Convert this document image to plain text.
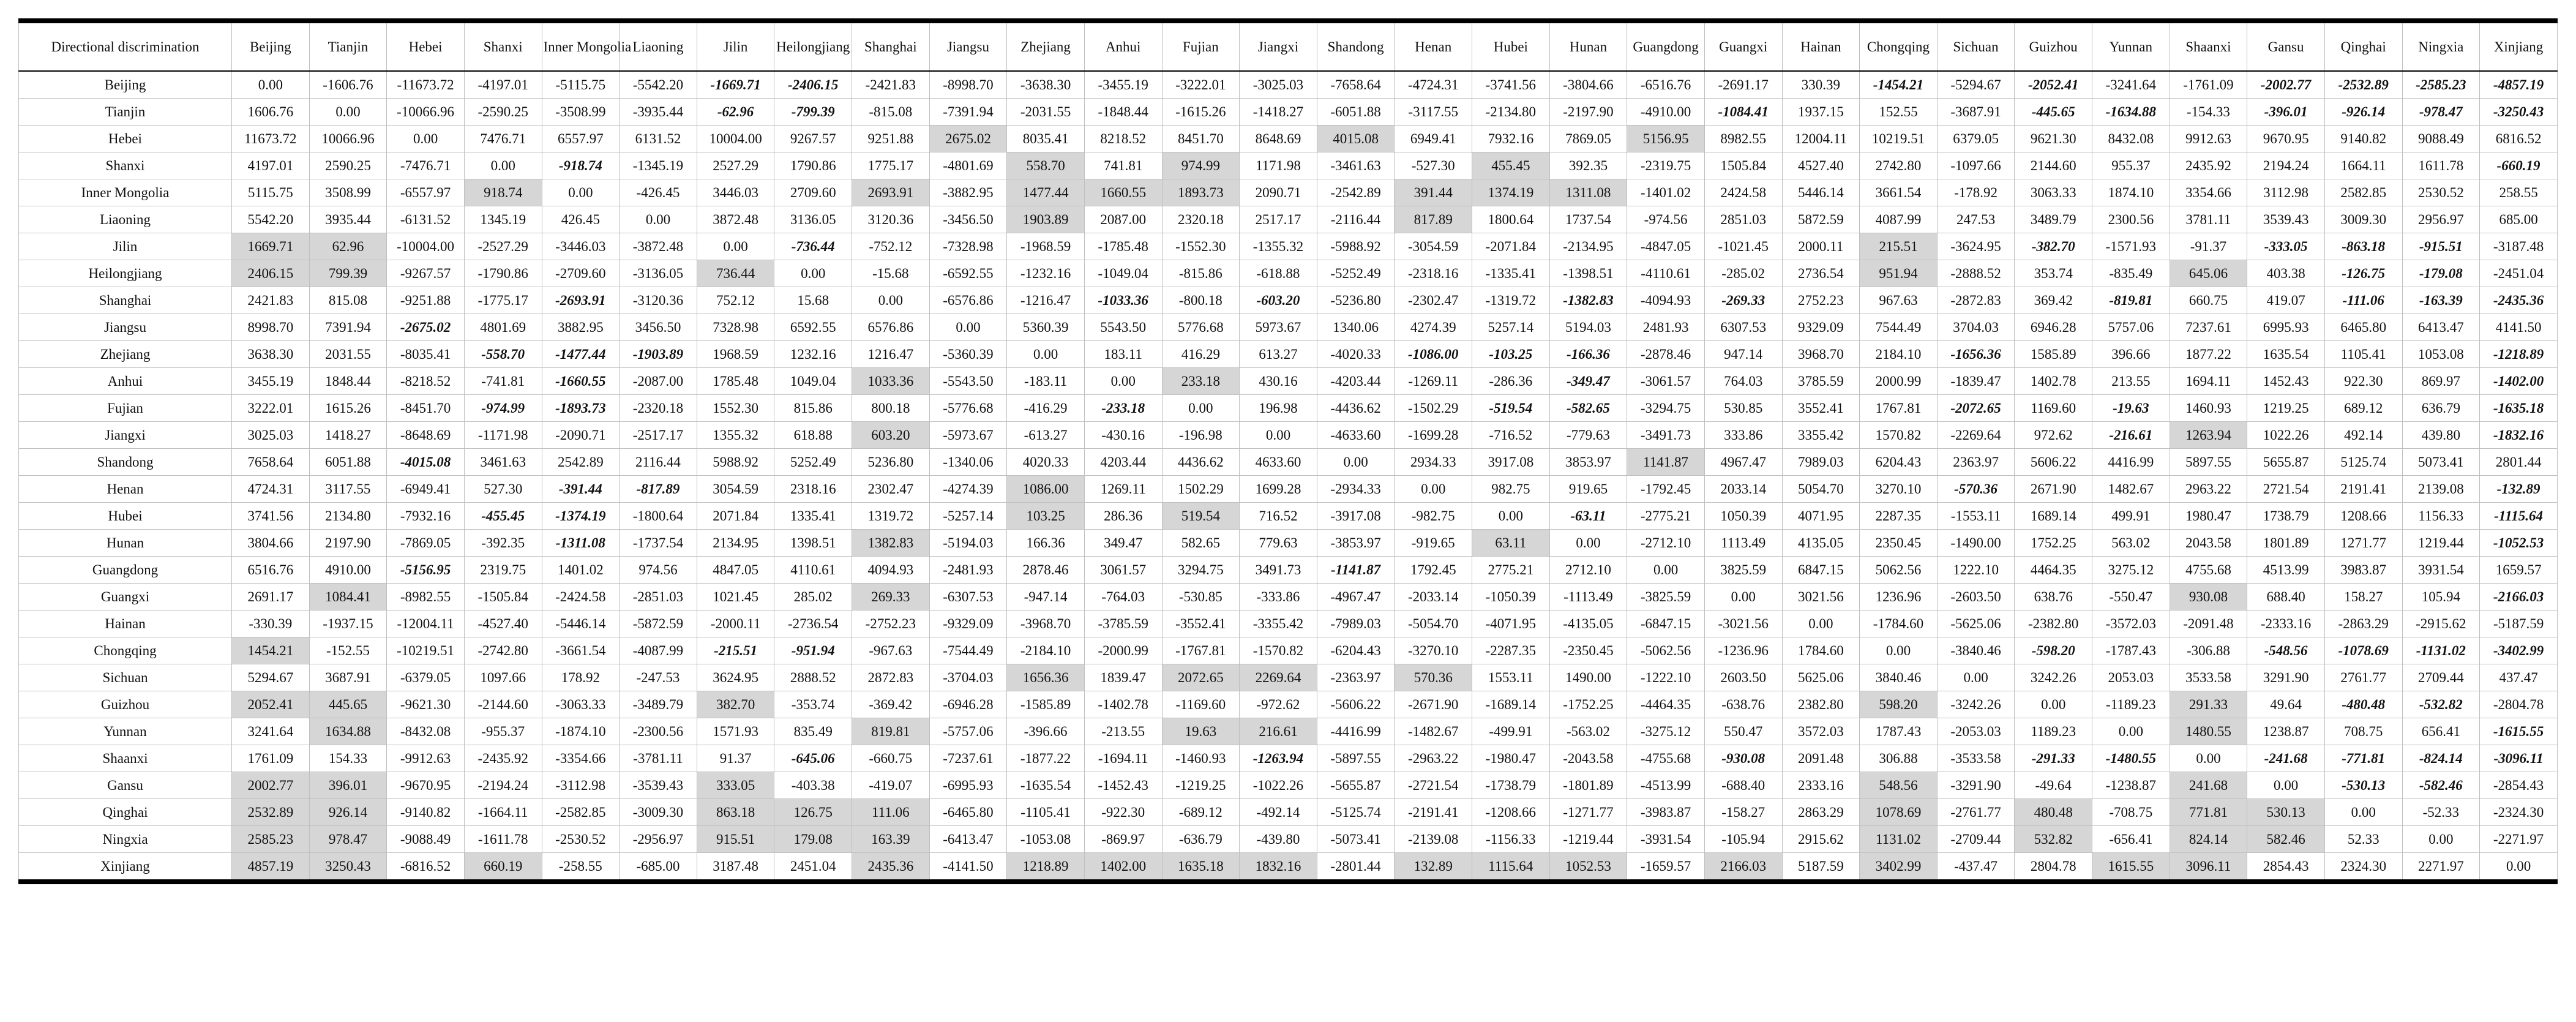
Directional discrimination	Beijing	Tianjin	Hebei	Shanxi	Inner Mongolia	Liaoning	Jilin	Heilongjiang	Shanghai	Jiangsu	Zhejiang	Anhui	Fujian	Jiangxi	Shandong	Henan	Hubei	Hunan	Guangdong	Guangxi	Hainan	Chongqing	Sichuan	Guizhou	Yunnan	Shaanxi	Gansu	Qinghai	Ningxia	Xinjiang
Beijing	0.00	-1606.76	-11673.72	-4197.01	-5115.75	-5542.20	-1669.71	-2406.15	-2421.83	-8998.70	-3638.30	-3455.19	-3222.01	-3025.03	-7658.64	-4724.31	-3741.56	-3804.66	-6516.76	-2691.17	330.39	-1454.21	-5294.67	-2052.41	-3241.64	-1761.09	-2002.77	-2532.89	-2585.23	-4857.19
Tianjin	1606.76	0.00	-10066.96	-2590.25	-3508.99	-3935.44	-62.96	-799.39	-815.08	-7391.94	-2031.55	-1848.44	-1615.26	-1418.27	-6051.88	-3117.55	-2134.80	-2197.90	-4910.00	-1084.41	1937.15	152.55	-3687.91	-445.65	-1634.88	-154.33	-396.01	-926.14	-978.47	-3250.43
Hebei	11673.72	10066.96	0.00	7476.71	6557.97	6131.52	10004.00	9267.57	9251.88	2675.02	8035.41	8218.52	8451.70	8648.69	4015.08	6949.41	7932.16	7869.05	5156.95	8982.55	12004.11	10219.51	6379.05	9621.30	8432.08	9912.63	9670.95	9140.82	9088.49	6816.52
Shanxi	4197.01	2590.25	-7476.71	0.00	-918.74	-1345.19	2527.29	1790.86	1775.17	-4801.69	558.70	741.81	974.99	1171.98	-3461.63	-527.30	455.45	392.35	-2319.75	1505.84	4527.40	2742.80	-1097.66	2144.60	955.37	2435.92	2194.24	1664.11	1611.78	-660.19
Inner Mongolia	5115.75	3508.99	-6557.97	918.74	0.00	-426.45	3446.03	2709.60	2693.91	-3882.95	1477.44	1660.55	1893.73	2090.71	-2542.89	391.44	1374.19	1311.08	-1401.02	2424.58	5446.14	3661.54	-178.92	3063.33	1874.10	3354.66	3112.98	2582.85	2530.52	258.55
Liaoning	5542.20	3935.44	-6131.52	1345.19	426.45	0.00	3872.48	3136.05	3120.36	-3456.50	1903.89	2087.00	2320.18	2517.17	-2116.44	817.89	1800.64	1737.54	-974.56	2851.03	5872.59	4087.99	247.53	3489.79	2300.56	3781.11	3539.43	3009.30	2956.97	685.00
Jilin	1669.71	62.96	-10004.00	-2527.29	-3446.03	-3872.48	0.00	-736.44	-752.12	-7328.98	-1968.59	-1785.48	-1552.30	-1355.32	-5988.92	-3054.59	-2071.84	-2134.95	-4847.05	-1021.45	2000.11	215.51	-3624.95	-382.70	-1571.93	-91.37	-333.05	-863.18	-915.51	-3187.48
Heilongjiang	2406.15	799.39	-9267.57	-1790.86	-2709.60	-3136.05	736.44	0.00	-15.68	-6592.55	-1232.16	-1049.04	-815.86	-618.88	-5252.49	-2318.16	-1335.41	-1398.51	-4110.61	-285.02	2736.54	951.94	-2888.52	353.74	-835.49	645.06	403.38	-126.75	-179.08	-2451.04
Shanghai	2421.83	815.08	-9251.88	-1775.17	-2693.91	-3120.36	752.12	15.68	0.00	-6576.86	-1216.47	-1033.36	-800.18	-603.20	-5236.80	-2302.47	-1319.72	-1382.83	-4094.93	-269.33	2752.23	967.63	-2872.83	369.42	-819.81	660.75	419.07	-111.06	-163.39	-2435.36
Jiangsu	8998.70	7391.94	-2675.02	4801.69	3882.95	3456.50	7328.98	6592.55	6576.86	0.00	5360.39	5543.50	5776.68	5973.67	1340.06	4274.39	5257.14	5194.03	2481.93	6307.53	9329.09	7544.49	3704.03	6946.28	5757.06	7237.61	6995.93	6465.80	6413.47	4141.50
Zhejiang	3638.30	2031.55	-8035.41	-558.70	-1477.44	-1903.89	1968.59	1232.16	1216.47	-5360.39	0.00	183.11	416.29	613.27	-4020.33	-1086.00	-103.25	-166.36	-2878.46	947.14	3968.70	2184.10	-1656.36	1585.89	396.66	1877.22	1635.54	1105.41	1053.08	-1218.89
Anhui	3455.19	1848.44	-8218.52	-741.81	-1660.55	-2087.00	1785.48	1049.04	1033.36	-5543.50	-183.11	0.00	233.18	430.16	-4203.44	-1269.11	-286.36	-349.47	-3061.57	764.03	3785.59	2000.99	-1839.47	1402.78	213.55	1694.11	1452.43	922.30	869.97	-1402.00
Fujian	3222.01	1615.26	-8451.70	-974.99	-1893.73	-2320.18	1552.30	815.86	800.18	-5776.68	-416.29	-233.18	0.00	196.98	-4436.62	-1502.29	-519.54	-582.65	-3294.75	530.85	3552.41	1767.81	-2072.65	1169.60	-19.63	1460.93	1219.25	689.12	636.79	-1635.18
Jiangxi	3025.03	1418.27	-8648.69	-1171.98	-2090.71	-2517.17	1355.32	618.88	603.20	-5973.67	-613.27	-430.16	-196.98	0.00	-4633.60	-1699.28	-716.52	-779.63	-3491.73	333.86	3355.42	1570.82	-2269.64	972.62	-216.61	1263.94	1022.26	492.14	439.80	-1832.16
Shandong	7658.64	6051.88	-4015.08	3461.63	2542.89	2116.44	5988.92	5252.49	5236.80	-1340.06	4020.33	4203.44	4436.62	4633.60	0.00	2934.33	3917.08	3853.97	1141.87	4967.47	7989.03	6204.43	2363.97	5606.22	4416.99	5897.55	5655.87	5125.74	5073.41	2801.44
Henan	4724.31	3117.55	-6949.41	527.30	-391.44	-817.89	3054.59	2318.16	2302.47	-4274.39	1086.00	1269.11	1502.29	1699.28	-2934.33	0.00	982.75	919.65	-1792.45	2033.14	5054.70	3270.10	-570.36	2671.90	1482.67	2963.22	2721.54	2191.41	2139.08	-132.89
Hubei	3741.56	2134.80	-7932.16	-455.45	-1374.19	-1800.64	2071.84	1335.41	1319.72	-5257.14	103.25	286.36	519.54	716.52	-3917.08	-982.75	0.00	-63.11	-2775.21	1050.39	4071.95	2287.35	-1553.11	1689.14	499.91	1980.47	1738.79	1208.66	1156.33	-1115.64
Hunan	3804.66	2197.90	-7869.05	-392.35	-1311.08	-1737.54	2134.95	1398.51	1382.83	-5194.03	166.36	349.47	582.65	779.63	-3853.97	-919.65	63.11	0.00	-2712.10	1113.49	4135.05	2350.45	-1490.00	1752.25	563.02	2043.58	1801.89	1271.77	1219.44	-1052.53
Guangdong	6516.76	4910.00	-5156.95	2319.75	1401.02	974.56	4847.05	4110.61	4094.93	-2481.93	2878.46	3061.57	3294.75	3491.73	-1141.87	1792.45	2775.21	2712.10	0.00	3825.59	6847.15	5062.56	1222.10	4464.35	3275.12	4755.68	4513.99	3983.87	3931.54	1659.57
Guangxi	2691.17	1084.41	-8982.55	-1505.84	-2424.58	-2851.03	1021.45	285.02	269.33	-6307.53	-947.14	-764.03	-530.85	-333.86	-4967.47	-2033.14	-1050.39	-1113.49	-3825.59	0.00	3021.56	1236.96	-2603.50	638.76	-550.47	930.08	688.40	158.27	105.94	-2166.03
Hainan	-330.39	-1937.15	-12004.11	-4527.40	-5446.14	-5872.59	-2000.11	-2736.54	-2752.23	-9329.09	-3968.70	-3785.59	-3552.41	-3355.42	-7989.03	-5054.70	-4071.95	-4135.05	-6847.15	-3021.56	0.00	-1784.60	-5625.06	-2382.80	-3572.03	-2091.48	-2333.16	-2863.29	-2915.62	-5187.59
Chongqing	1454.21	-152.55	-10219.51	-2742.80	-3661.54	-4087.99	-215.51	-951.94	-967.63	-7544.49	-2184.10	-2000.99	-1767.81	-1570.82	-6204.43	-3270.10	-2287.35	-2350.45	-5062.56	-1236.96	1784.60	0.00	-3840.46	-598.20	-1787.43	-306.88	-548.56	-1078.69	-1131.02	-3402.99
Sichuan	5294.67	3687.91	-6379.05	1097.66	178.92	-247.53	3624.95	2888.52	2872.83	-3704.03	1656.36	1839.47	2072.65	2269.64	-2363.97	570.36	1553.11	1490.00	-1222.10	2603.50	5625.06	3840.46	0.00	3242.26	2053.03	3533.58	3291.90	2761.77	2709.44	437.47
Guizhou	2052.41	445.65	-9621.30	-2144.60	-3063.33	-3489.79	382.70	-353.74	-369.42	-6946.28	-1585.89	-1402.78	-1169.60	-972.62	-5606.22	-2671.90	-1689.14	-1752.25	-4464.35	-638.76	2382.80	598.20	-3242.26	0.00	-1189.23	291.33	49.64	-480.48	-532.82	-2804.78
Yunnan	3241.64	1634.88	-8432.08	-955.37	-1874.10	-2300.56	1571.93	835.49	819.81	-5757.06	-396.66	-213.55	19.63	216.61	-4416.99	-1482.67	-499.91	-563.02	-3275.12	550.47	3572.03	1787.43	-2053.03	1189.23	0.00	1480.55	1238.87	708.75	656.41	-1615.55
Shaanxi	1761.09	154.33	-9912.63	-2435.92	-3354.66	-3781.11	91.37	-645.06	-660.75	-7237.61	-1877.22	-1694.11	-1460.93	-1263.94	-5897.55	-2963.22	-1980.47	-2043.58	-4755.68	-930.08	2091.48	306.88	-3533.58	-291.33	-1480.55	0.00	-241.68	-771.81	-824.14	-3096.11
Gansu	2002.77	396.01	-9670.95	-2194.24	-3112.98	-3539.43	333.05	-403.38	-419.07	-6995.93	-1635.54	-1452.43	-1219.25	-1022.26	-5655.87	-2721.54	-1738.79	-1801.89	-4513.99	-688.40	2333.16	548.56	-3291.90	-49.64	-1238.87	241.68	0.00	-530.13	-582.46	-2854.43
Qinghai	2532.89	926.14	-9140.82	-1664.11	-2582.85	-3009.30	863.18	126.75	111.06	-6465.80	-1105.41	-922.30	-689.12	-492.14	-5125.74	-2191.41	-1208.66	-1271.77	-3983.87	-158.27	2863.29	1078.69	-2761.77	480.48	-708.75	771.81	530.13	0.00	-52.33	-2324.30
Ningxia	2585.23	978.47	-9088.49	-1611.78	-2530.52	-2956.97	915.51	179.08	163.39	-6413.47	-1053.08	-869.97	-636.79	-439.80	-5073.41	-2139.08	-1156.33	-1219.44	-3931.54	-105.94	2915.62	1131.02	-2709.44	532.82	-656.41	824.14	582.46	52.33	0.00	-2271.97
Xinjiang	4857.19	3250.43	-6816.52	660.19	-258.55	-685.00	3187.48	2451.04	2435.36	-4141.50	1218.89	1402.00	1635.18	1832.16	-2801.44	132.89	1115.64	1052.53	-1659.57	2166.03	5187.59	3402.99	-437.47	2804.78	1615.55	3096.11	2854.43	2324.30	2271.97	0.00
